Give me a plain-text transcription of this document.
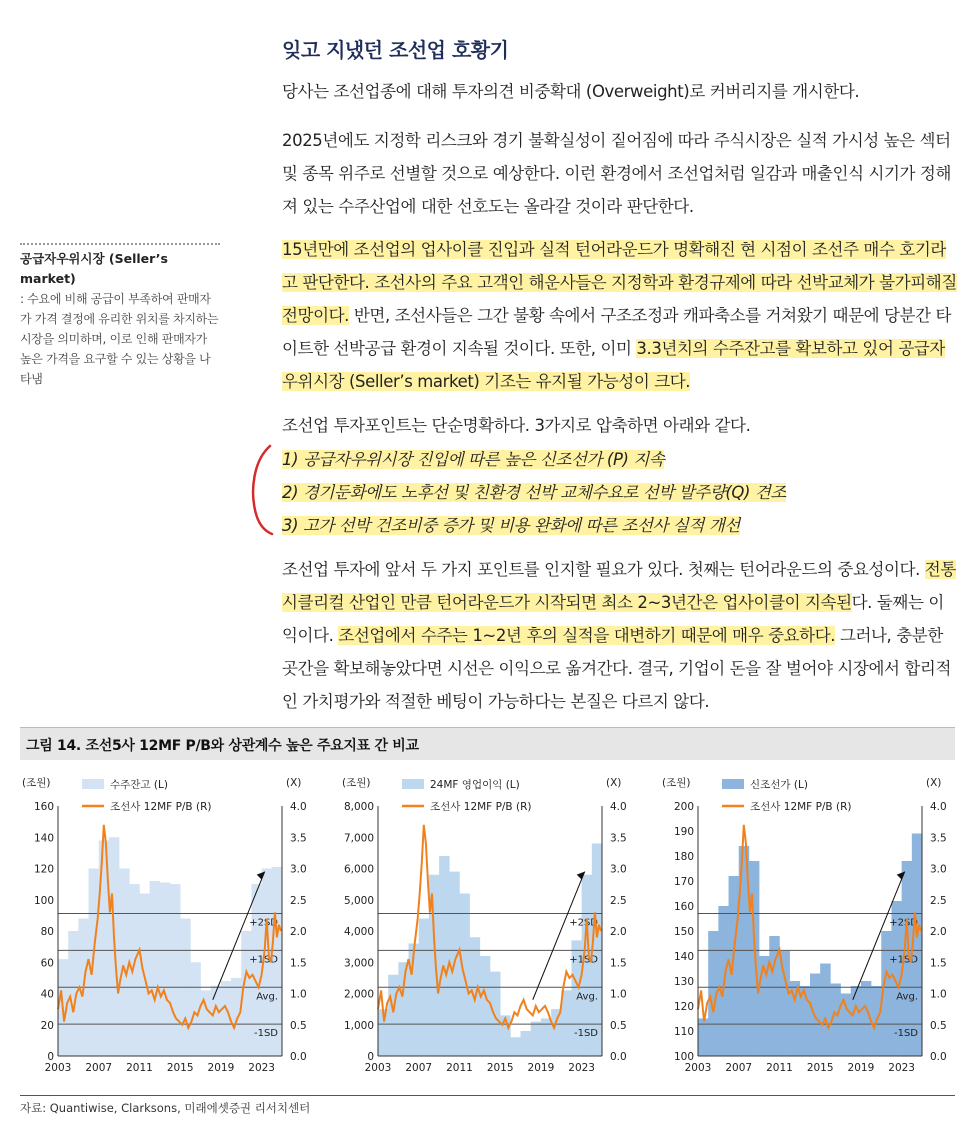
잊고 지냈던 조선업 호황기
당사는 조선업종에 대해 투자의견 비중확대 (Overweight)로 커버리지를 개시한다.
2025년에도 지정학 리스크와 경기 불확실성이 짙어짐에 따라 주식시장은 실적 가시성 높은 섹터 및 종목 위주로 선별할 것으로 예상한다. 이런 환경에서 조선업처럼 일감과 매출인식 시기가 정해져 있는 수주산업에 대한 선호도는 올라갈 것이라 판단한다.
15년만에 조선업의 업사이클 진입과 실적 턴어라운드가 명확해진 현 시점이 조선주 매수 호기라고 판단한다. 조선사의 주요 고객인 해운사들은 지정학과 환경규제에 따라 선박교체가 불가피해질 전망이다. 반면, 조선사들은 그간 불황 속에서 구조조정과 캐파축소를 거쳐왔기 때문에 당분간 타이트한 선박공급 환경이 지속될 것이다. 또한, 이미 3.3년치의 수주잔고를 확보하고 있어 공급자우위시장 (Seller’s market) 기조는 유지될 가능성이 크다.
조선업 투자포인트는 단순명확하다. 3가지로 압축하면 아래와 같다.
공급자우위시장 (Seller’s market)
: 수요에 비해 공급이 부족하여 판매자가 가격 결정에 유리한 위치를 차지하는 시장을 의미하며, 이로 인해 판매자가 높은 가격을 요구할 수 있는 상황을 나타냄
1) 공급자우위시장 진입에 따른 높은 신조선가 (P) 지속
2) 경기둔화에도 노후선 및 친환경 선박 교체수요로 선박 발주량(Q) 견조
3) 고가 선박 건조비중 증가 및 비용 완화에 따른 조선사 실적 개선
조선업 투자에 앞서 두 가지 포인트를 인지할 필요가 있다. 첫째는 턴어라운드의 중요성이다. 전통 시클리컬 산업인 만큼 턴어라운드가 시작되면 최소 2~3년간은 업사이클이 지속된다. 둘째는 이익이다. 조선업에서 수주는 1~2년 후의 실적을 대변하기 때문에 매우 중요하다. 그러나, 충분한 곳간을 확보해놓았다면 시선은 이익으로 옮겨간다. 결국, 기업이 돈을 잘 벌어야 시장에서 합리적인 가치평가와 적절한 베팅이 가능하다는 본질은 다르지 않다.
그림 14. 조선5사 12MF P/B와 상관계수 높은 주요지표 간 비교
+2SD
+1SD
Avg.
-1SD
0
20
40
60
80
100
120
140
160
0.0
0.5
1.0
1.5
2.0
2.5
3.0
3.5
4.0
2003 2007 2011 2015 2019 2023
(조원)	(X)
수주잔고 (L)
조선사 12MF P/B (R)
+2SD
+1SD
Avg.
-1SD
0
1,000
2,000
3,000
4,000
5,000
6,000
7,000
8,000
0.0
0.5
1.0
1.5
2.0
2.5
3.0
3.5
4.0
2003 2007 2011 2015 2019 2023
(조원)	(X)
24MF 영업이익 (L)
조선사 12MF P/B (R)
+2SD
+1SD
Avg.
-1SD
100
110
120
130
140
150
160
170
180
190
200
0.0
0.5
1.0
1.5
2.0
2.5
3.0
3.5
4.0
2003 2007 2011 2015 2019 2023
(조원)	(X)
신조선가 (L)
조선사 12MF P/B (R)
자료: Quantiwise, Clarksons, 미래에셋증권 리서치센터
